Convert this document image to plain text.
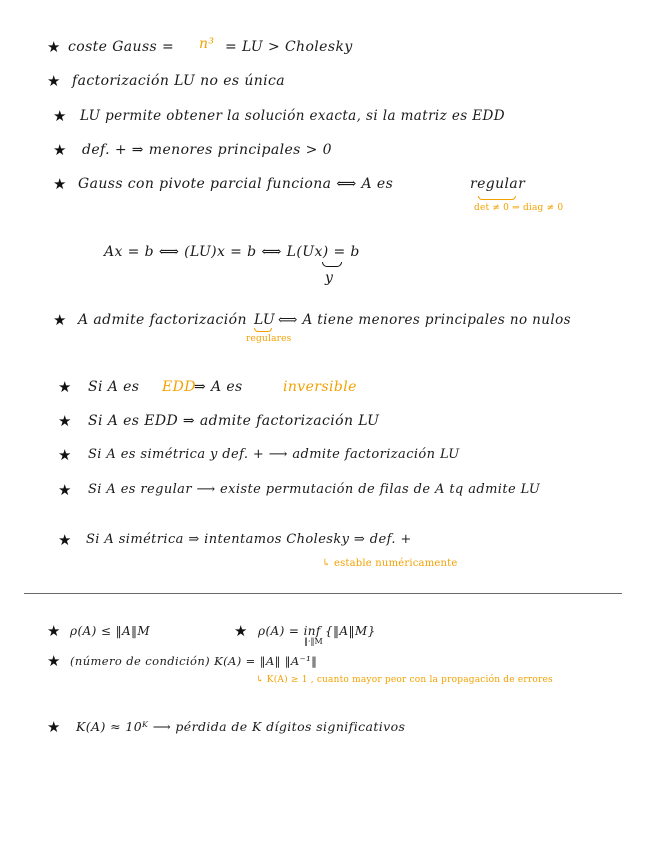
★ coste Gauss = n³ = LU > Cholesky
★ factorización LU no es única
★ LU permite obtener la solución exacta, si la matriz es EDD
★ def. + ⇒ menores principales > 0
★ Gauss con pivote parcial funciona ⟺ A es	regular
det ≠ 0 ⇒ diag ≠ 0
Ax = b ⟺ (LU)x = b ⟺ L(Ux) = b
y
★ A admite factorización LU ⟺ A tiene menores principales no nulos
regulares
★ Si A es EDD
⇒ A es	inversible
★ Si A es EDD ⇒ admite factorización LU
★ Si A es simétrica y def. + ⟶ admite factorización LU
★ Si A es regular ⟶ existe permutación de filas de A tq admite LU
★ Si A simétrica ⇒ intentamos Cholesky ⇒ def. +
↳ estable numéricamente
★ ρ(A) ≤ ‖A‖M	★ ρ(A) = inf {‖A‖M}
‖·‖M
★ (número de condición) K(A) = ‖A‖ ‖A⁻¹‖
↳ K(A) ≥ 1 , cuanto mayor peor con la propagación de errores
★ K(A) ≈ 10ᴷ ⟶ pérdida de K dígitos significativos
